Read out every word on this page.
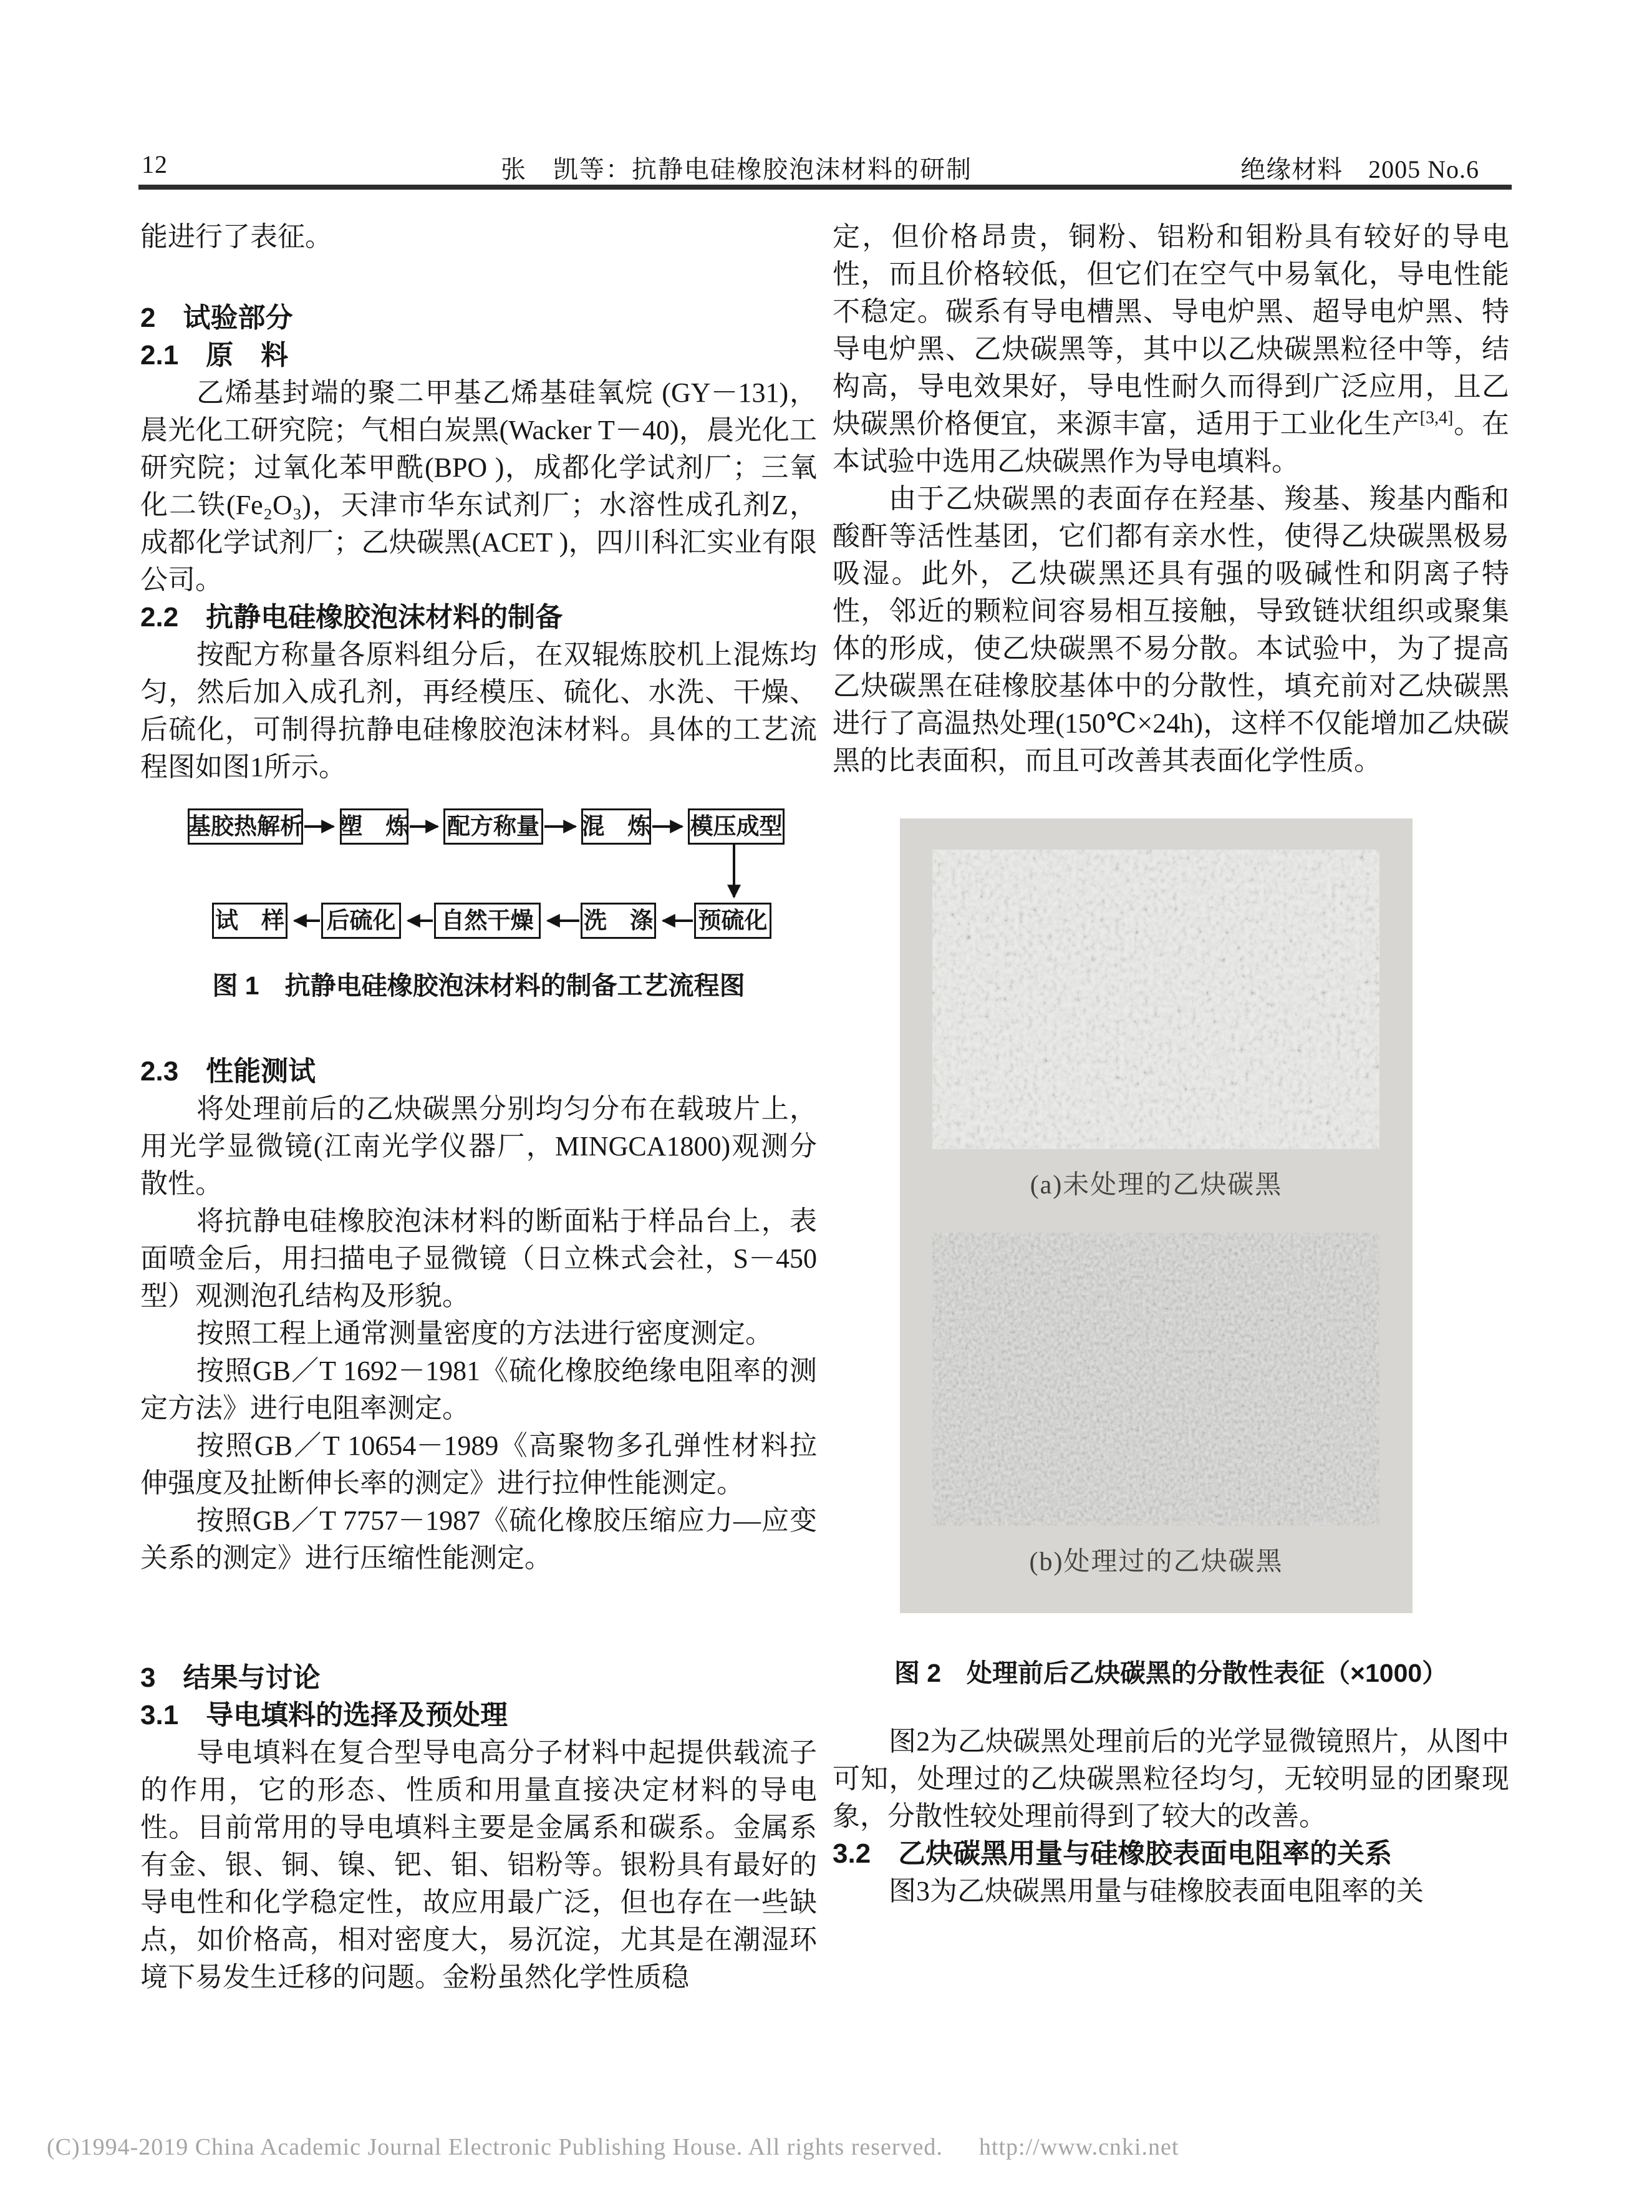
12	张　凯等：抗静电硅橡胶泡沫材料的研制	绝缘材料　2005 No.6

能进行了表征。

2　试验部分
2.1　原　料

乙烯基封端的聚二甲基乙烯基硅氧烷 (GY－131)，晨光化工研究院；气相白炭黑(Wacker T－40)，晨光化工研究院；过氧化苯甲酰(BPO )，成都化学试剂厂；三氧化二铁(Fe₂O₃)，天津市华东试剂厂；水溶性成孔剂Z，成都化学试剂厂；乙炔碳黑(ACET )，四川科汇实业有限公司。

2.2　抗静电硅橡胶泡沫材料的制备

按配方称量各原料组分后，在双辊炼胶机上混炼均匀，然后加入成孔剂，再经模压、硫化、水洗、干燥、后硫化，可制得抗静电硅橡胶泡沫材料。具体的工艺流程图如图1所示。

基胶热解析 塑　炼 配方称量 混　炼 模压成型
试　样 后硫化	自然干燥	洗　涤 预硫化

图 1　抗静电硅橡胶泡沫材料的制备工艺流程图

2.3　性能测试

将处理前后的乙炔碳黑分别均匀分布在载玻片上，用光学显微镜(江南光学仪器厂，MINGCA1800)观测分散性。

将抗静电硅橡胶泡沫材料的断面粘于样品台上，表面喷金后，用扫描电子显微镜（日立株式会社，S－450型）观测泡孔结构及形貌。

按照工程上通常测量密度的方法进行密度测定。

按照GB／T 1692－1981《硫化橡胶绝缘电阻率的测定方法》进行电阻率测定。

按照GB／T 10654－1989《高聚物多孔弹性材料拉伸强度及扯断伸长率的测定》进行拉伸性能测定。

按照GB／T 7757－1987《硫化橡胶压缩应力—应变关系的测定》进行压缩性能测定。

3　结果与讨论
3.1　导电填料的选择及预处理

导电填料在复合型导电高分子材料中起提供载流子的作用，它的形态、性质和用量直接决定材料的导电性。目前常用的导电填料主要是金属系和碳系。金属系有金、银、铜、镍、钯、钼、铝粉等。银粉具有最好的导电性和化学稳定性，故应用最广泛，但也存在一些缺点，如价格高，相对密度大，易沉淀，尤其是在潮湿环境下易发生迁移的问题。金粉虽然化学性质稳

定，但价格昂贵，铜粉、铝粉和钼粉具有较好的导电性，而且价格较低，但它们在空气中易氧化，导电性能不稳定。碳系有导电槽黑、导电炉黑、超导电炉黑、特导电炉黑、乙炔碳黑等，其中以乙炔碳黑粒径中等，结构高，导电效果好，导电性耐久而得到广泛应用，且乙炔碳黑价格便宜，来源丰富，适用于工业化生产[3,4]。在本试验中选用乙炔碳黑作为导电填料。

由于乙炔碳黑的表面存在羟基、羧基、羧基内酯和酸酐等活性基团，它们都有亲水性，使得乙炔碳黑极易吸湿。此外，乙炔碳黑还具有强的吸碱性和阴离子特性，邻近的颗粒间容易相互接触，导致链状组织或聚集体的形成，使乙炔碳黑不易分散。本试验中，为了提高乙炔碳黑在硅橡胶基体中的分散性，填充前对乙炔碳黑进行了高温热处理(150℃×24h)，这样不仅能增加乙炔碳黑的比表面积，而且可改善其表面化学性质。

(a)未处理的乙炔碳黑
(b)处理过的乙炔碳黑

图 2　处理前后乙炔碳黑的分散性表征（×1000）

图2为乙炔碳黑处理前后的光学显微镜照片，从图中可知，处理过的乙炔碳黑粒径均匀，无较明显的团聚现象，分散性较处理前得到了较大的改善。

3.2　乙炔碳黑用量与硅橡胶表面电阻率的关系

图3为乙炔碳黑用量与硅橡胶表面电阻率的关

(C)1994-2019 China Academic Journal Electronic Publishing House. All rights reserved. http://www.cnki.net
